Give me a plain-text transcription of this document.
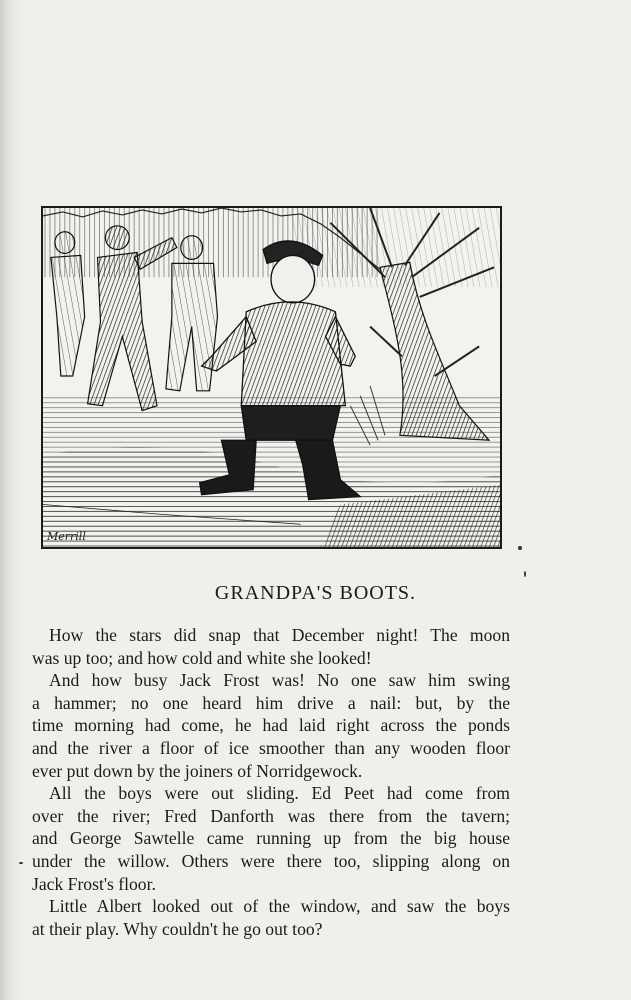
Merrill
GRANDPA'S BOOTS.

How the stars did snap that December night! The moon

was up too; and how cold and white she looked!

And how busy Jack Frost was! No one saw him swing

a hammer; no one heard him drive a nail: but, by the

time morning had come, he had laid right across the ponds

and the river a floor of ice smoother than any wooden floor

ever put down by the joiners of Norridgewock.

All the boys were out sliding. Ed Peet had come from

over the river; Fred Danforth was there from the tavern;

and George Sawtelle came running up from the big house

under the willow. Others were there too, slipping along on

Jack Frost's floor.

Little Albert looked out of the window, and saw the boys

at their play. Why couldn't he go out too?
